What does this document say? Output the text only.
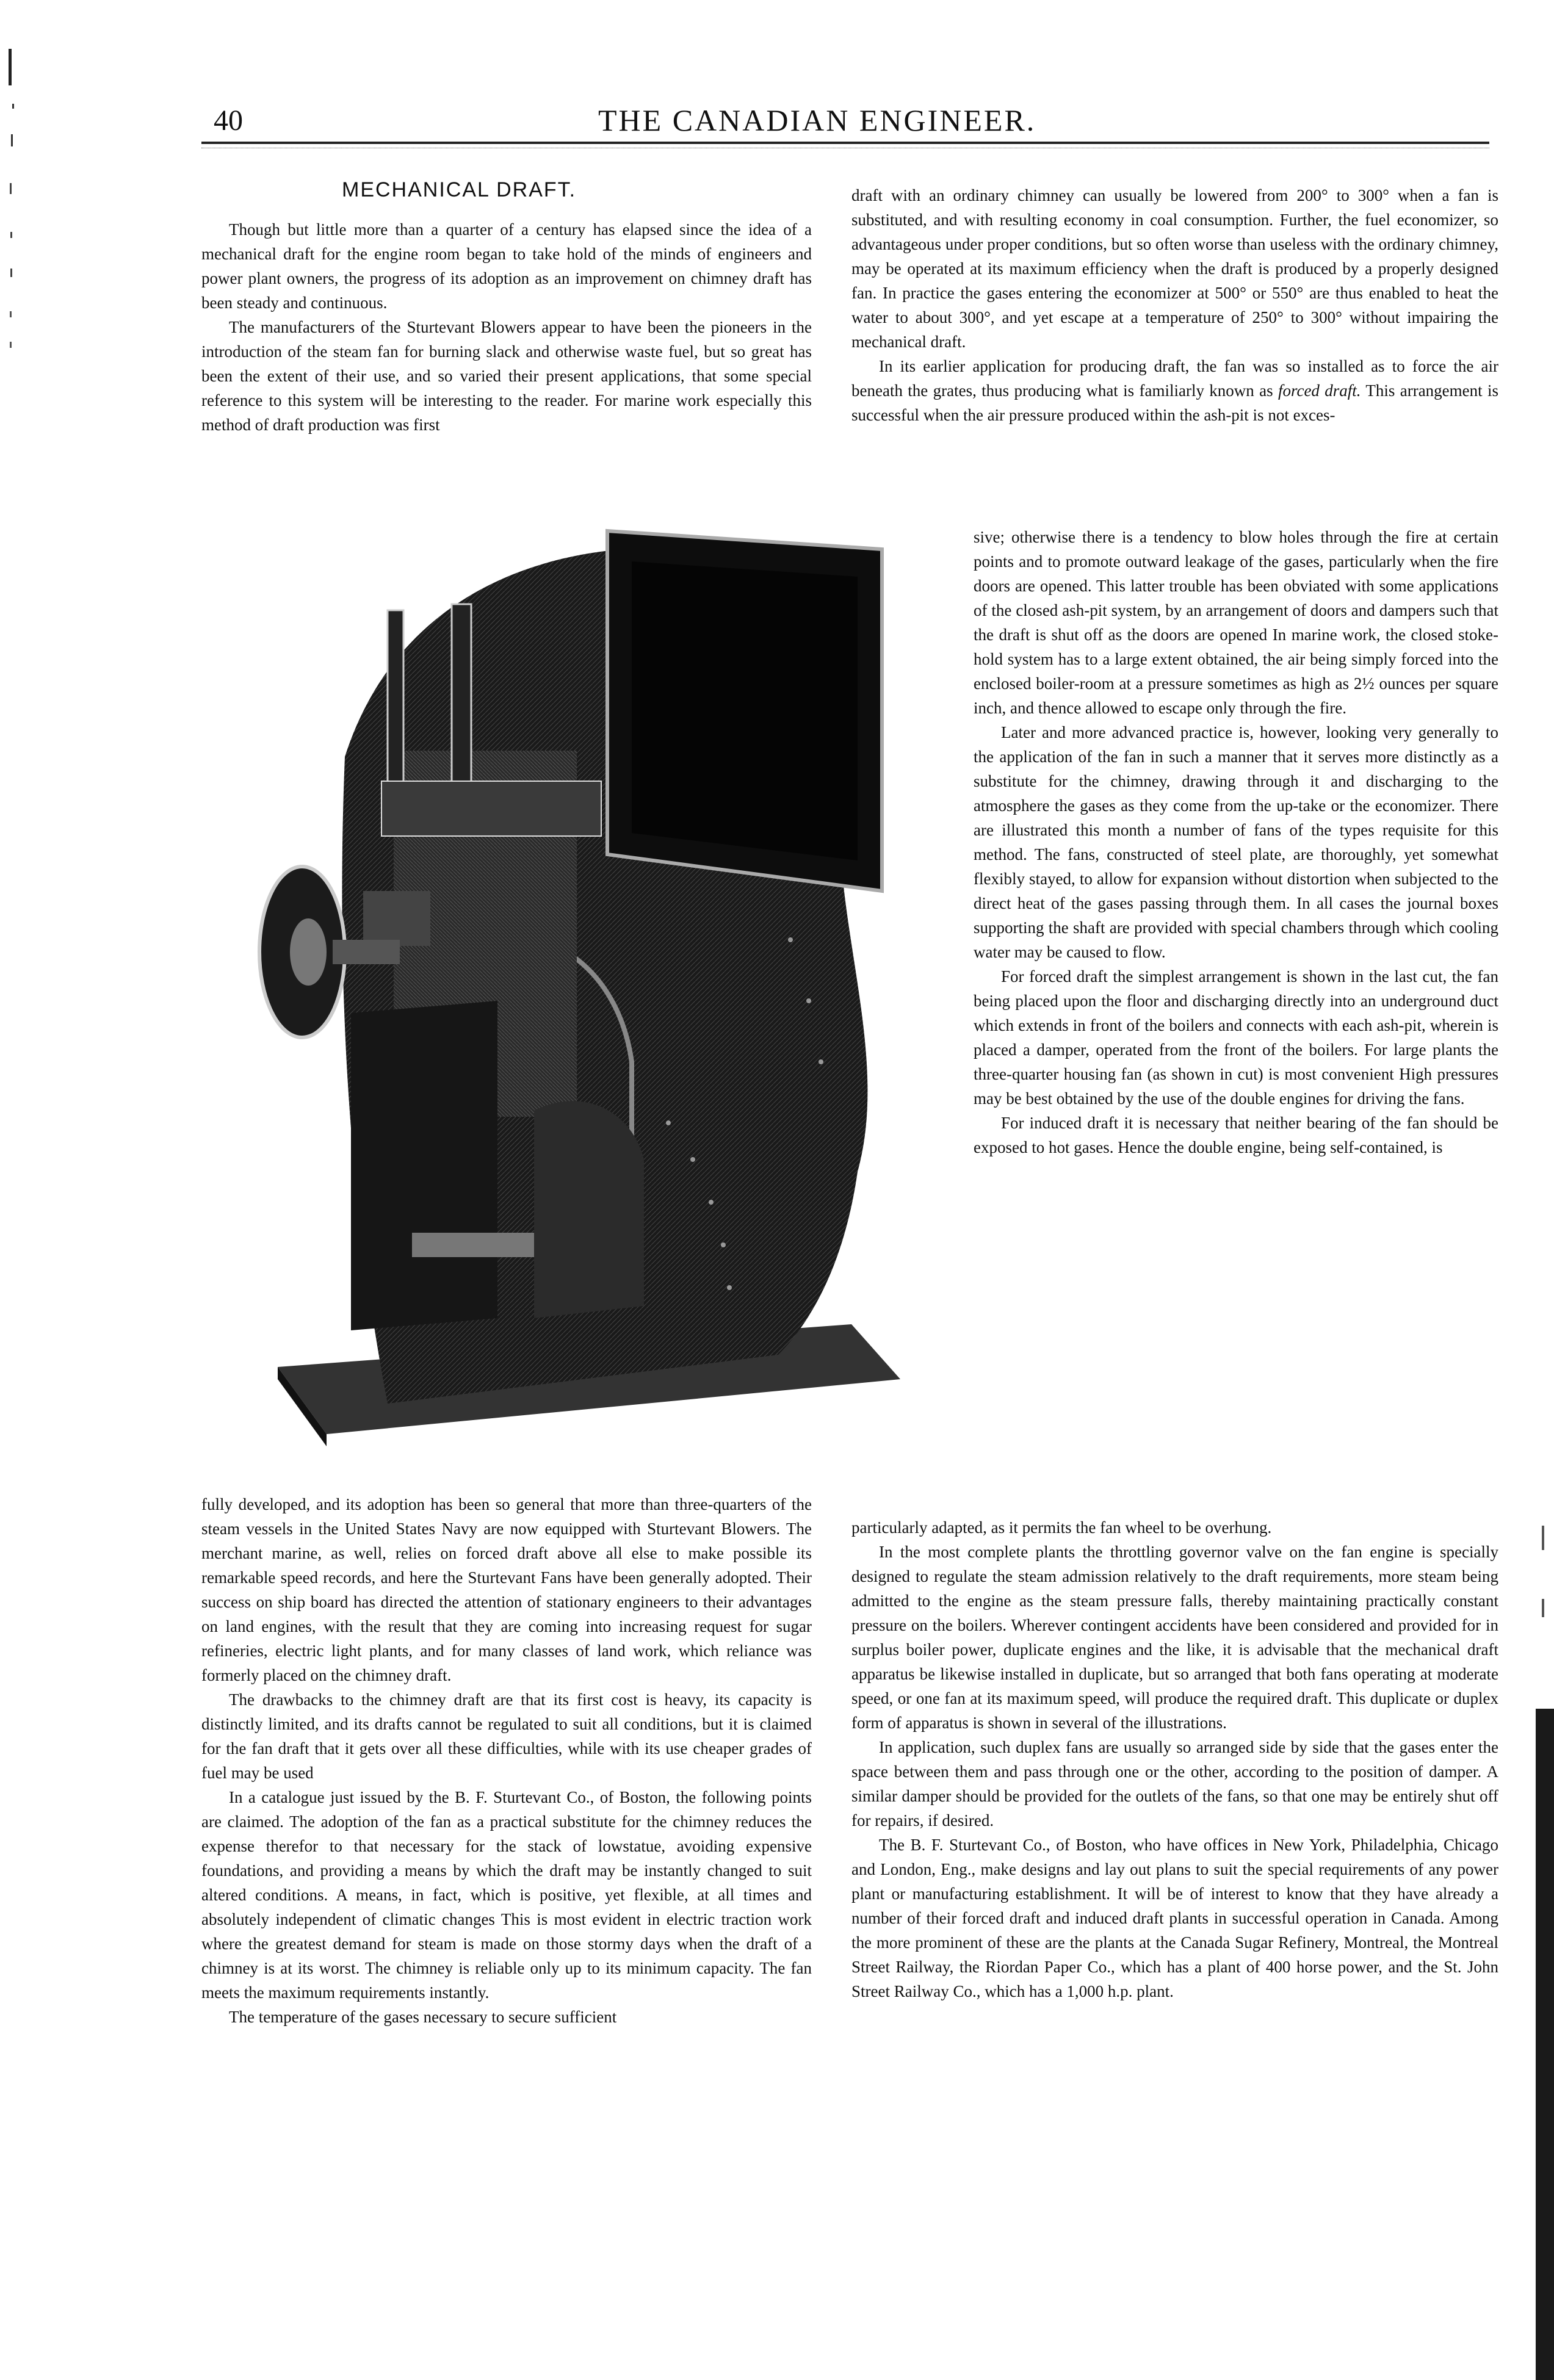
40	THE CANADIAN ENGINEER.
MECHANICAL DRAFT.

Though but little more than a quarter of a century has elapsed since the idea of a mechanical draft for the engine room began to take hold of the minds of engineers and power plant owners, the progress of its adoption as an improvement on chimney draft has been steady and continuous.

The manufacturers of the Sturtevant Blowers appear to have been the pioneers in the introduction of the steam fan for burning slack and otherwise waste fuel, but so great has been the extent of their use, and so varied their present applications, that some special reference to this system will be interesting to the reader. For marine work especially this method of draft production was first

draft with an ordinary chimney can usually be lowered from 200° to 300° when a fan is substituted, and with resulting economy in coal consumption. Further, the fuel economizer, so advantageous under proper conditions, but so often worse than useless with the ordinary chimney, may be operated at its maximum efficiency when the draft is produced by a properly designed fan. In practice the gases entering the economizer at 500° or 550° are thus enabled to heat the water to about 300°, and yet escape at a temperature of 250° to 300° without impairing the mechanical draft.

In its earlier application for producing draft, the fan was so installed as to force the air beneath the grates, thus producing what is familiarly known as forced draft. This arrangement is successful when the air pressure produced within the ash-pit is not exces-

sive; otherwise there is a tendency to blow holes through the fire at certain points and to promote outward leakage of the gases, particularly when the fire doors are opened. This latter trouble has been obviated with some applications of the closed ash-pit system, by an arrangement of doors and dampers such that the draft is shut off as the doors are opened In marine work, the closed stoke-hold system has to a large extent obtained, the air being simply forced into the enclosed boiler-room at a pressure sometimes as high as 2½ ounces per square inch, and thence allowed to escape only through the fire.

Later and more advanced practice is, however, looking very generally to the application of the fan in such a manner that it serves more distinctly as a substitute for the chimney, drawing through it and discharging to the atmosphere the gases as they come from the up-take or the economizer. There are illustrated this month a number of fans of the types requisite for this method. The fans, constructed of steel plate, are thoroughly, yet somewhat flexibly stayed, to allow for expansion without distortion when subjected to the direct heat of the gases passing through them. In all cases the journal boxes supporting the shaft are provided with special chambers through which cooling water may be caused to flow.

For forced draft the simplest arrangement is shown in the last cut, the fan being placed upon the floor and discharging directly into an underground duct which extends in front of the boilers and connects with each ash-pit, wherein is placed a damper, operated from the front of the boilers. For large plants the three-quarter housing fan (as shown in cut) is most convenient High pressures may be best obtained by the use of the double engines for driving the fans.

For induced draft it is necessary that neither bearing of the fan should be exposed to hot gases. Hence the double engine, being self-contained, is

fully developed, and its adoption has been so general that more than three-quarters of the steam vessels in the United States Navy are now equipped with Sturtevant Blowers. The merchant marine, as well, relies on forced draft above all else to make possible its remarkable speed records, and here the Sturtevant Fans have been generally adopted. Their success on ship board has directed the attention of stationary engineers to their advantages on land engines, with the result that they are coming into increasing request for sugar refineries, electric light plants, and for many classes of land work, which reliance was formerly placed on the chimney draft.

The drawbacks to the chimney draft are that its first cost is heavy, its capacity is distinctly limited, and its drafts cannot be regulated to suit all conditions, but it is claimed for the fan draft that it gets over all these difficulties, while with its use cheaper grades of fuel may be used

In a catalogue just issued by the B. F. Sturtevant Co., of Boston, the following points are claimed. The adoption of the fan as a practical substitute for the chimney reduces the expense therefor to that necessary for the stack of lowstatue, avoiding expensive foundations, and providing a means by which the draft may be instantly changed to suit altered conditions. A means, in fact, which is positive, yet flexible, at all times and absolutely independent of climatic changes This is most evident in electric traction work where the greatest demand for steam is made on those stormy days when the draft of a chimney is at its worst. The chimney is reliable only up to its minimum capacity. The fan meets the maximum requirements instantly.

The temperature of the gases necessary to secure sufficient

particularly adapted, as it permits the fan wheel to be overhung.

In the most complete plants the throttling governor valve on the fan engine is specially designed to regulate the steam admission relatively to the draft requirements, more steam being admitted to the engine as the steam pressure falls, thereby maintaining practically constant pressure on the boilers. Wherever contingent accidents have been considered and provided for in surplus boiler power, duplicate engines and the like, it is advisable that the mechanical draft apparatus be likewise installed in duplicate, but so arranged that both fans operating at moderate speed, or one fan at its maximum speed, will produce the required draft. This duplicate or duplex form of apparatus is shown in several of the illustrations.

In application, such duplex fans are usually so arranged side by side that the gases enter the space between them and pass through one or the other, according to the position of damper. A similar damper should be provided for the outlets of the fans, so that one may be entirely shut off for repairs, if desired.

The B. F. Sturtevant Co., of Boston, who have offices in New York, Philadelphia, Chicago and London, Eng., make designs and lay out plans to suit the special requirements of any power plant or manufacturing establishment. It will be of interest to know that they have already a number of their forced draft and induced draft plants in successful operation in Canada. Among the more prominent of these are the plants at the Canada Sugar Refinery, Montreal, the Montreal Street Railway, the Riordan Paper Co., which has a plant of 400 horse power, and the St. John Street Railway Co., which has a 1,000 h.p. plant.
